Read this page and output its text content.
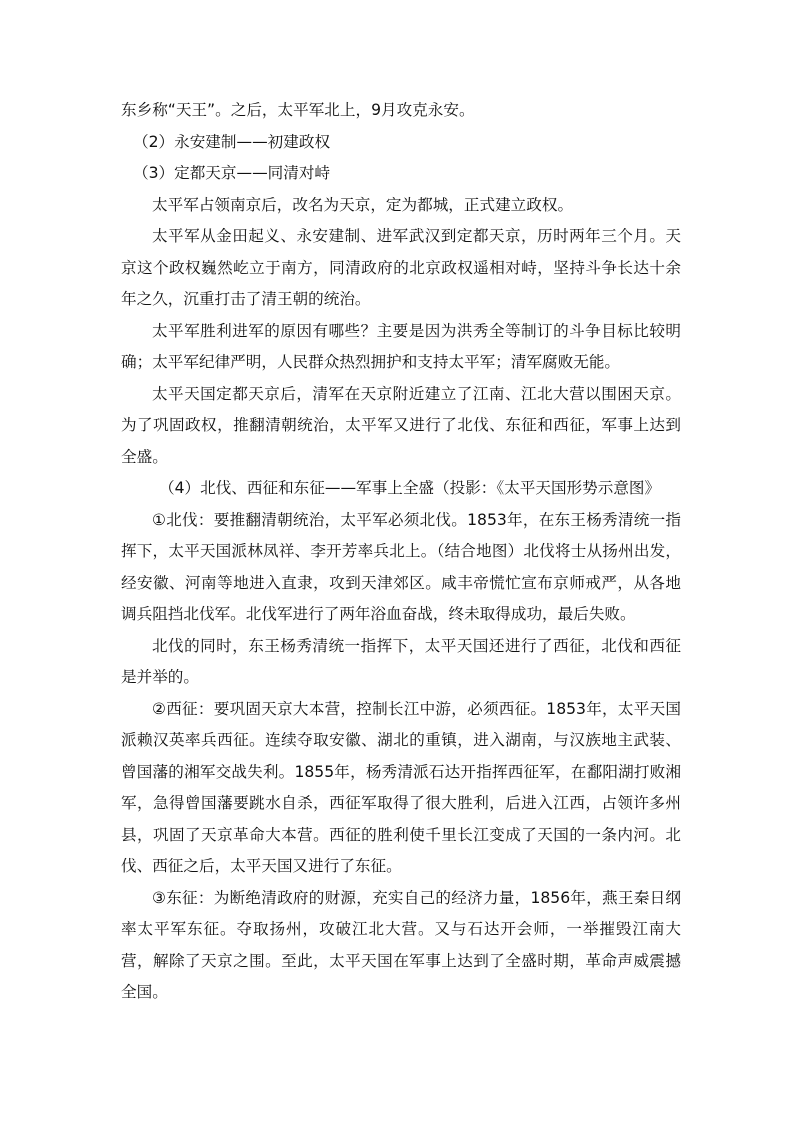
东乡称“天王”。之后，太平军北上，9月攻克永安。

（2）永安建制——初建政权

（3）定都天京——同清对峙

太平军占领南京后，改名为天京，定为都城，正式建立政权。

太平军从金田起义、永安建制、进军武汉到定都天京，历时两年三个月。天京这个政权巍然屹立于南方，同清政府的北京政权遥相对峙，坚持斗争长达十余年之久，沉重打击了清王朝的统治。

太平军胜利进军的原因有哪些？主要是因为洪秀全等制订的斗争目标比较明确；太平军纪律严明，人民群众热烈拥护和支持太平军；清军腐败无能。

太平天国定都天京后，清军在天京附近建立了江南、江北大营以围困天京。为了巩固政权，推翻清朝统治，太平军又进行了北伐、东征和西征，军事上达到全盛。

（4）北伐、西征和东征——军事上全盛（投影：《太平天国形势示意图》

①北伐：要推翻清朝统治，太平军必须北伐。1853年，在东王杨秀清统一指挥下，太平天国派林凤祥、李开芳率兵北上。（结合地图）北伐将士从扬州出发，经安徽、河南等地进入直隶，攻到天津郊区。咸丰帝慌忙宣布京师戒严，从各地调兵阻挡北伐军。北伐军进行了两年浴血奋战，终未取得成功，最后失败。

北伐的同时，东王杨秀清统一指挥下，太平天国还进行了西征，北伐和西征是并举的。

②西征：要巩固天京大本营，控制长江中游，必须西征。1853年，太平天国派赖汉英率兵西征。连续夺取安徽、湖北的重镇，进入湖南，与汉族地主武装、曾国藩的湘军交战失利。1855年，杨秀清派石达开指挥西征军，在鄱阳湖打败湘军，急得曾国藩要跳水自杀，西征军取得了很大胜利，后进入江西，占领许多州县，巩固了天京革命大本营。西征的胜利使千里长江变成了天国的一条内河。北伐、西征之后，太平天国又进行了东征。

③东征：为断绝清政府的财源，充实自己的经济力量，1856年，燕王秦日纲率太平军东征。夺取扬州，攻破江北大营。又与石达开会师，一举摧毁江南大营，解除了天京之围。至此，太平天国在军事上达到了全盛时期，革命声威震撼全国。
